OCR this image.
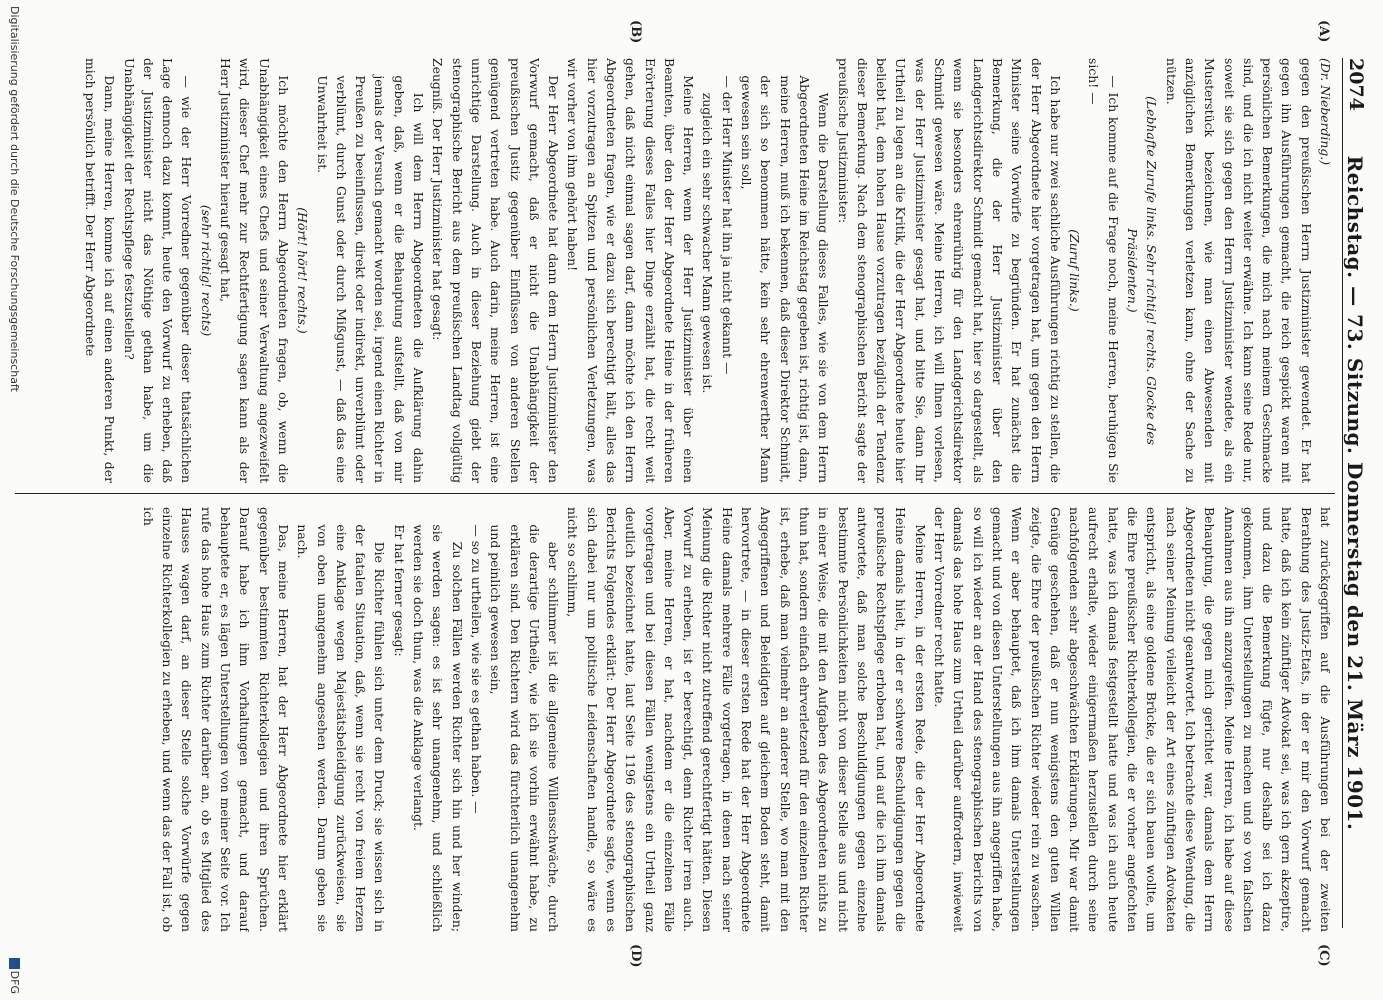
2074
Reichstag. — 73. Sitzung. Donnerstag den 21. März 1901.
(A)
(B)
(C)
(D)

(Dr. Nieberding.)

gegen den preußischen Herrn Justizminister gewendet. Er hat gegen ihn Ausführungen gemacht, die reich gespickt waren mit persönlichen Bemerkungen, die mich nach meinem Geschmacke sind, und die ich nicht weiter erwähne. Ich kann seine Rede nur, soweit sie sich gegen den Herrn Justizminister wendete, als ein Musterstück bezeichnen, wie man einen Abwesenden mit anzüglichen Bemerkungen verletzen kann, ohne der Sache zu nützen.

(Lebhafte Zurufe links. Sehr richtig! rechts. Glocke des Präsidenten.)

— Ich komme auf die Frage noch, meine Herren, beruhigen Sie sich! —

(Zuruf links.)

Ich habe nur zwei sachliche Ausführungen richtig zu stellen, die der Herr Abgeordnete hier vorgetragen hat, um gegen den Herrn Minister seine Vorwürfe zu begründen. Er hat zunächst die Bemerkung, die der Herr Justizminister über den Landgerichtsdirektor Schmidt gemacht hat, hier so dargestellt, als wenn sie besonders ehrenrührig für den Landgerichtsdirektor Schmidt gewesen wäre. Meine Herren, ich will Ihnen vorlesen, was der Herr Justizminister gesagt hat, und bitte Sie, dann Ihr Urtheil zu legen an die Kritik, die der Herr Abgeordnete heute hier beliebt hat, dem hohen Hause vorzutragen bezüglich der Tendenz dieser Bemerkung. Nach dem stenographischen Bericht sagte der preußische Justizminister:

Wenn die Darstellung dieses Falles, wie sie von dem Herrn Abgeordneten Heine im Reichstag gegeben ist, richtig ist, dann, meine Herren, muß ich bekennen, daß dieser Direktor Schmidt, der sich so benommen hätte, kein sehr ehrenwerther Mann gewesen sein soll,

— der Herr Minister hat ihn ja nicht gekannt —

zugleich ein sehr schwacher Mann gewesen ist.

Meine Herren, wenn der Herr Justizminister über einen Beamten, über den der Herr Abgeordnete Heine in der früheren Erörterung dieses Falles hier Dinge erzählt hat, die recht weit gehen, daß nicht einmal sagen darf, dann möchte ich den Herrn Abgeordneten fragen, wie er dazu sich berechtigt hält, alles das hier vorzutragen an Spitzen und persönlichen Verletzungen, was wir vorher von ihm gehört haben!

Der Herr Abgeordnete hat dann dem Herrn Justizminister den Vorwurf gemacht, daß er nicht die Unabhängigkeit der preußischen Justiz gegenüber Einflüssen von anderen Stellen genügend vertreten habe. Auch darin, meine Herren, ist eine unrichtige Darstellung. Auch in dieser Beziehung giebt der stenographische Bericht aus dem preußischen Landtag vollgültig Zeugniß. Der Herr Justizminister hat gesagt:

Ich will dem Herrn Abgeordneten die Aufklärung dahin geben, daß, wenn er die Behauptung aufstellt, daß von mir jemals der Versuch gemacht worden sei, irgend einen Richter in Preußen zu beeinflussen, direkt oder indirekt, unverblümt oder verblümt, durch Gunst oder durch Mißgunst, — daß das eine Unwahrheit ist.

(Hört! hört! rechts.)

Ich möchte den Herrn Abgeordneten fragen, ob, wenn die Unabhängigkeit eines Chefs und seiner Verwaltung angezweifelt wird, dieser Chef mehr zur Rechtfertigung sagen kann als der Herr Justizminister hierauf gesagt hat,

(sehr richtig! rechts)

— wie der Herr Vorredner gegenüber dieser thatsächlichen Lage dennoch dazu kommt, heute den Vorwurf zu erheben, daß der Justizminister nicht das Nöthige gethan habe, um die Unabhängigkeit der Rechtspflege festzustellen?

Dann, meine Herren, komme ich auf einen anderen Punkt, der mich persönlich betrifft. Der Herr Abgeordnete

hat zurückgegriffen auf die Ausführungen bei der zweiten Berathung des Justiz-Etats, in der er mir den Vorwurf gemacht hatte, daß ich kein zünftiger Advokat sei, was ich gern akzeptire, und dazu die Bemerkung fügte, nur deshalb sei ich dazu gekommen, ihm Unterstellungen zu machen und so von falschen Annahmen aus ihn anzugreifen. Meine Herren, ich habe auf diese Behauptung, die gegen mich gerichtet war, damals dem Herrn Abgeordneten nicht geantwortet. Ich betrachte diese Wendung, die nach seiner Meinung vielleicht der Art eines zünftigen Advokaten entspricht, als eine goldene Brücke, die er sich bauen wollte, um die Ehre preußischer Richterkollegien, die er vorher angefochten hatte, was ich damals festgestellt hatte und was ich auch heute aufrecht erhalte, wieder einigermaßen herzustellen durch seine nachfolgenden sehr abgeschwächten Erklärungen. Mir war damit Genüge geschehen, daß er nun wenigstens den guten Willen zeigte, die Ehre der preußischen Richter wieder rein zu waschen. Wenn er aber behauptet, daß ich ihm damals Unterstellungen gemacht und von diesen Unterstellungen aus ihn angegriffen habe, so will ich wieder an der Hand des stenographischen Berichts von damals das hohe Haus zum Urtheil darüber auffordern, inwieweit der Herr Vorredner recht hatte.

Meine Herren, in der ersten Rede, die der Herr Abgeordnete Heine damals hielt, in der er schwere Beschuldigungen gegen die preußische Rechtspflege erhoben hat, und auf die ich ihm damals antwortete, daß man solche Beschuldigungen gegen einzelne bestimmte Persönlichkeiten nicht von dieser Stelle aus und nicht in einer Weise, die mit den Aufgaben des Abgeordneten nichts zu thun hat, sondern einfach ehrverletzend für den einzelnen Richter ist, erhebe, daß man vielmehr an anderer Stelle, wo man mit den Angegriffenen und Beleidigten auf gleichem Boden steht, damit hervortrete, — in dieser ersten Rede hat der Herr Abgeordnete Heine damals mehrere Fälle vorgetragen, in denen nach seiner Meinung die Richter nicht zutreffend gerechtfertigt hätten. Diesen Vorwurf zu erheben, ist er berechtigt, denn Richter irren auch. Aber, meine Herren, er hat, nachdem er die einzelnen Fälle vorgetragen und bei diesen Fällen wenigstens ein Urtheil ganz deutlich bezeichnet hatte, laut Seite 1196 des stenographischen Berichts Folgendes erklärt: Der Herr Abgeordnete sagte, wenn es sich dabei nur um politische Leidenschaften handle, so wäre es nicht so schlimm,

aber schlimmer ist die allgemeine Willensschwäche, durch die derartige Urtheile, wie ich sie vorhin erwähnt habe, zu erklären sind. Den Richtern wird das fürchterlich unangenehm und peinlich gewesen sein,

— so zu urtheilen, wie sie es gethan haben. —

Zu solchen Fällen werden Richter sich hin und her winden; sie werden sagen: es ist sehr unangenehm, und schließlich werden sie doch thun, was die Anklage verlangt.

Er hat ferner gesagt:

Die Richter fühlen sich unter dem Druck; sie wissen sich in der fatalen Situation, daß, wenn sie recht von freiem Herzen eine Anklage wegen Majestätsbeleidigung zurückweisen, sie von oben unangenehm angesehen werden. Darum geben sie nach.

Das, meine Herren, hat der Herr Abgeordnete hier erklärt gegenüber bestimmten Richterkollegien und ihren Sprüchen. Darauf habe ich ihm Vorhaltungen gemacht, und darauf behauptete er, es lägen Unterstellungen von meiner Seite vor. Ich rufe das hohe Haus zum Richter darüber an, ob es Mitglied des Hauses wagen darf, an dieser Stelle solche Vorwürfe gegen einzelne Richterkollegien zu erheben, und wenn das der Fall ist, ob ich

Digitalisierung gefördert durch die Deutsche Forschungsgemeinschaft
DFG
